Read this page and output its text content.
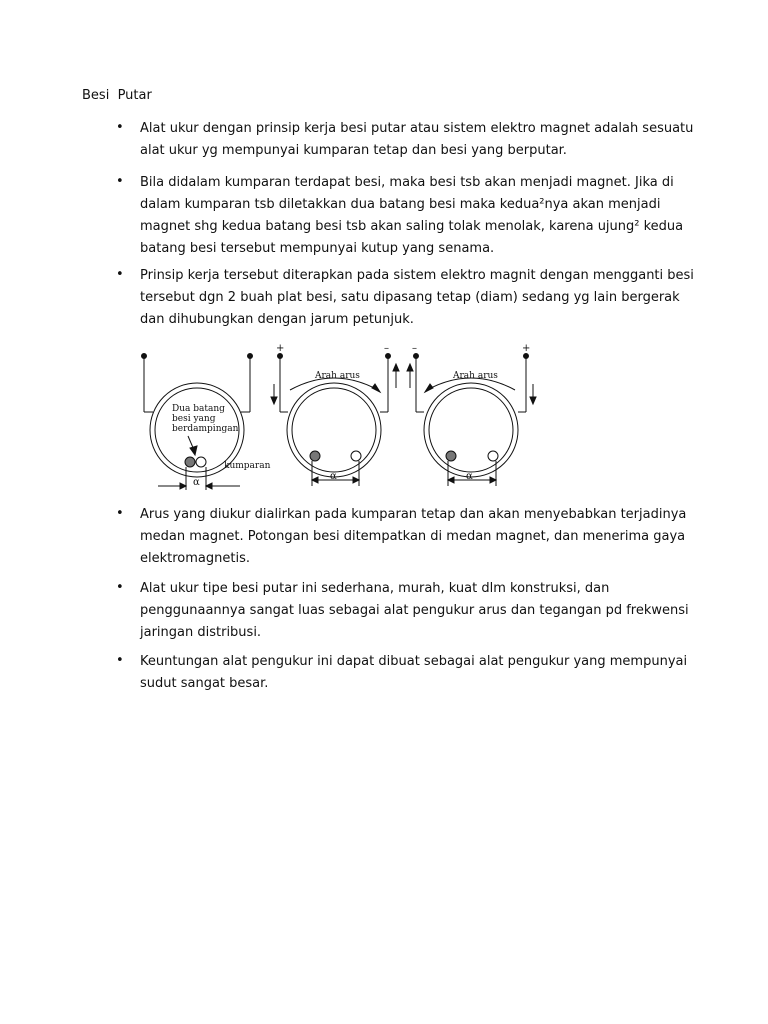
Besi  Putar
• Alat ukur dengan prinsip kerja besi putar atau sistem elektro magnet adalah sesuatu
alat ukur yg mempunyai kumparan tetap dan besi yang berputar.
• Bila didalam kumparan terdapat besi, maka besi tsb akan menjadi magnet. Jika di
dalam kumparan tsb diletakkan dua batang besi maka kedua²nya akan menjadi
magnet shg kedua batang besi tsb akan saling tolak menolak, karena ujung² kedua
batang besi tersebut mempunyai kutup yang senama.
• Prinsip kerja tersebut diterapkan pada sistem elektro magnit dengan mengganti besi
tersebut dgn 2 buah plat besi, satu dipasang tetap (diam) sedang yg lain bergerak
dan dihubungkan dengan jarum petunjuk.
Dua batang
besi yang
berdampingan
kumparan
α
+	–
Arah arus
α
–	+
Arah arus
α
• Arus yang diukur dialirkan pada kumparan tetap dan akan menyebabkan terjadinya
medan magnet. Potongan besi ditempatkan di medan magnet, dan menerima gaya
elektromagnetis.
• Alat ukur tipe besi putar ini sederhana, murah, kuat dlm konstruksi, dan
penggunaannya sangat luas sebagai alat pengukur arus dan tegangan pd frekwensi
jaringan distribusi.
• Keuntungan alat pengukur ini dapat dibuat sebagai alat pengukur yang mempunyai
sudut sangat besar.
